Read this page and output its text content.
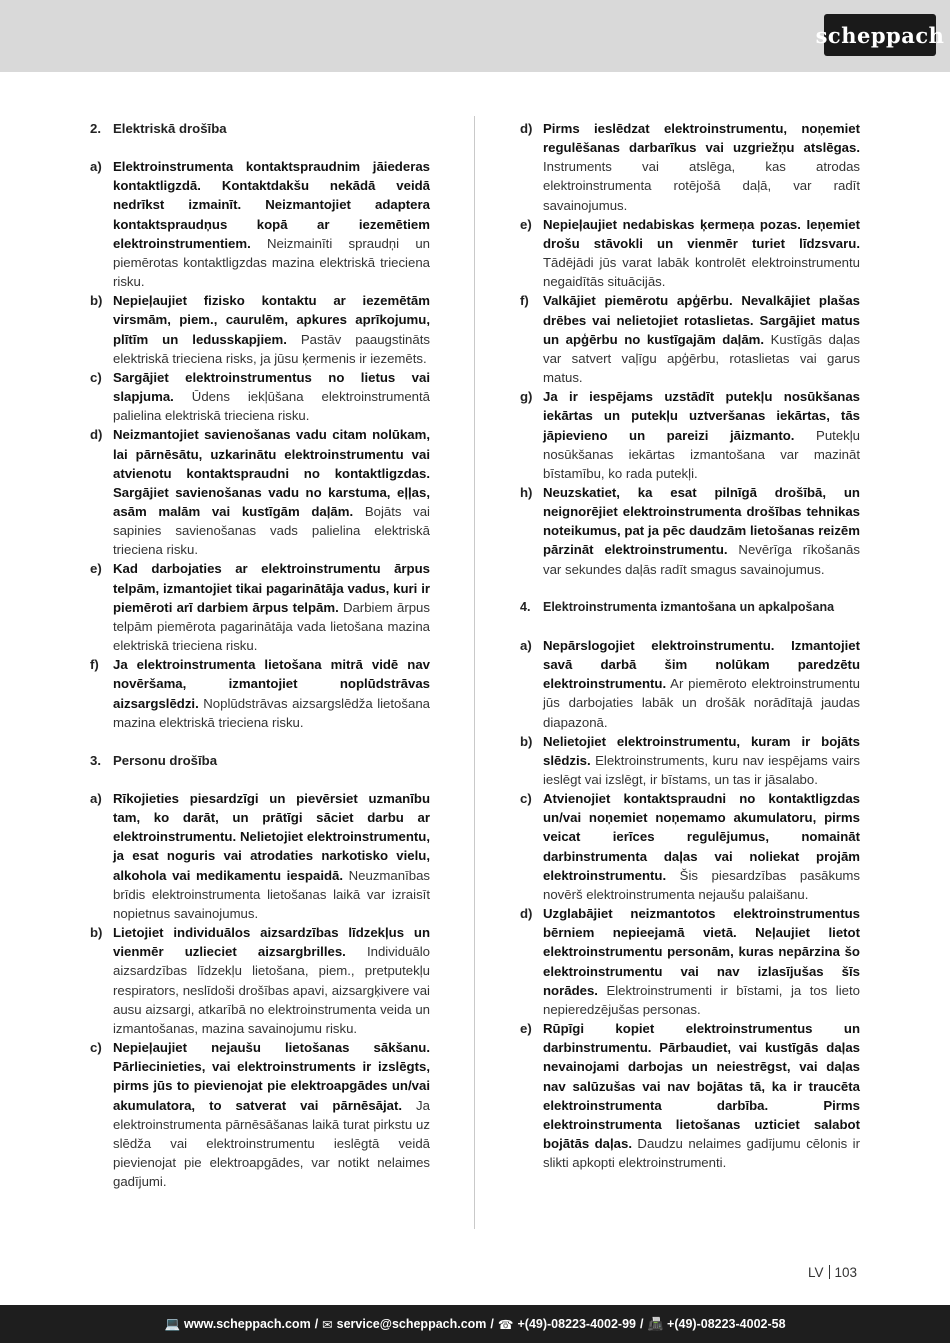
scheppach
2. Elektriskā drošība
a) Elektroinstrumenta kontaktspraudnim jāiederas kontaktligzdā. Kontaktdakšu nekādā veidā nedrīkst izmainīt. Neizmantojiet adaptera kontaktspraudņus kopā ar iezemētiem elektroinstrumentiem. Neizmainīti spraudņi un piemērotas kontaktligzdas mazina elektriskā trieciena risku.
b) Nepieļaujiet fizisko kontaktu ar iezemētām virsmām, piem., caurulēm, apkures aprīkojumu, plītīm un ledusskapjiem. Pastāv paaugstināts elektriskā trieciena risks, ja jūsu ķermenis ir iezemēts.
c) Sargājiet elektroinstrumentus no lietus vai slapjuma. Ūdens iekļūšana elektroinstrumentā palielina elektriskā trieciena risku.
d) Neizmantojiet savienošanas vadu citam nolūkam, lai pārnēsātu, uzkarinātu elektroinstrumentu vai atvienotu kontaktspraudni no kontaktligzdas. Sargājiet savienošanas vadu no karstuma, eļļas, asām malām vai kustīgām daļām. Bojāts vai sapinies savienošanas vads palielina elektriskā trieciena risku.
e) Kad darbojaties ar elektroinstrumentu ārpus telpām, izmantojiet tikai pagarinātāja vadus, kuri ir piemēroti arī darbiem ārpus telpām. Darbiem ārpus telpām piemērota pagarinātāja vada lietošana mazina elektriskā trieciena risku.
f)	Ja elektroinstrumenta lietošana mitrā vidē nav novēršama, izmantojiet noplūdstrāvas aizsargslēdzi. Noplūdstrāvas aizsargslēdža lietošana mazina elektriskā trieciena risku.
3. Personu drošība
a) Rīkojieties piesardzīgi un pievērsiet uzmanību tam, ko darāt, un prātīgi sāciet darbu ar elektroinstrumentu. Nelietojiet elektroinstrumentu, ja esat noguris vai atrodaties narkotisko vielu, alkohola vai medikamentu iespaidā. Neuzmanības brīdis elektroinstrumenta lietošanas laikā var izraisīt nopietnus savainojumus.
b) Lietojiet individuālos aizsardzības līdzekļus un vienmēr uzlieciet aizsargbrilles. Individuālo aizsardzības līdzekļu lietošana, piem., pretputekļu respirators, neslīdoši drošības apavi, aizsargķivere vai ausu aizsargi, atkarībā no elektroinstrumenta veida un izmantošanas, mazina savainojumu risku.
c) Nepieļaujiet nejaušu lietošanas sākšanu. Pārliecinieties, vai elektroinstruments ir izslēgts, pirms jūs to pievienojat pie elektroapgādes un/vai akumulatora, to satverat vai pārnēsājat. Ja elektroinstrumenta pārnēsāšanas laikā turat pirkstu uz slēdža vai elektroinstrumentu ieslēgtā veidā pievienojat pie elektroapgādes, var notikt nelaimes gadījumi.
d) Pirms ieslēdzat elektroinstrumentu, noņemiet regulēšanas darbarīkus vai uzgriežņu atslēgas. Instruments vai atslēga, kas atrodas elektroinstrumenta rotējošā daļā, var radīt savainojumus.
e) Nepieļaujiet nedabiskas ķermeņa pozas. Ieņemiet drošu stāvokli un vienmēr turiet līdzsvaru. Tādējādi jūs varat labāk kontrolēt elektroinstrumentu negaidītās situācijās.
f)	Valkājiet piemērotu apģērbu. Nevalkājiet plašas drēbes vai nelietojiet rotaslietas. Sargājiet matus un apģērbu no kustīgajām daļām. Kustīgās daļas var satvert vaļīgu apģērbu, rotaslietas vai garus matus.
g) Ja ir iespējams uzstādīt putekļu nosūkšanas iekārtas un putekļu uztveršanas iekārtas, tās jāpievieno un pareizi jāizmanto. Putekļu nosūkšanas iekārtas izmantošana var mazināt bīstamību, ko rada putekļi.
h) Neuzskatiet, ka esat pilnīgā drošībā, un neignorējiet elektroinstrumenta drošības tehnikas noteikumus, pat ja pēc daudzām lietošanas reizēm pārzināt elektroinstrumentu. Nevērīga rīkošanās var sekundes daļās radīt smagus savainojumus.
4.	Elektroinstrumenta izmantošana un apkalpošana
a) Nepārslogojiet elektroinstrumentu. Izmantojiet savā darbā šim nolūkam paredzētu elektroinstrumentu. Ar piemēroto elektroinstrumentu jūs darbojaties labāk un drošāk norādītajā jaudas diapazonā.
b) Nelietojiet elektroinstrumentu, kuram ir bojāts slēdzis. Elektroinstruments, kuru nav iespējams vairs ieslēgt vai izslēgt, ir bīstams, un tas ir jāsalabo.
c) Atvienojiet kontaktspraudni no kontaktligzdas un/vai noņemiet noņemamo akumulatoru, pirms veicat ierīces regulējumus, nomaināt darbinstrumenta daļas vai noliekat projām elektroinstrumentu. Šis piesardzības pasākums novērš elektroinstrumenta nejaušu palaišanu.
d) Uzglabājiet neizmantotos elektroinstrumentus bērniem nepieejamā vietā. Neļaujiet lietot elektroinstrumentu personām, kuras nepārzina šo elektroinstrumentu vai nav izlasījušas šīs norādes. Elektroinstrumenti ir bīstami, ja tos lieto nepieredzējušas personas.
e) Rūpīgi kopiet elektroinstrumentus un darbinstrumentu. Pārbaudiet, vai kustīgās daļas nevainojami darbojas un neiestrēgst, vai daļas nav salūzušas vai nav bojātas tā, ka ir traucēta elektroinstrumenta darbība. Pirms elektroinstrumenta lietošanas uzticiet salabot bojātās daļas. Daudzu nelaimes gadījumu cēlonis ir slikti apkopti elektroinstrumenti.
LV 103
💻 www.scheppach.com / ✉ service@scheppach.com / ☎ +(49)-08223-4002-99 / 📠 +(49)-08223-4002-58
